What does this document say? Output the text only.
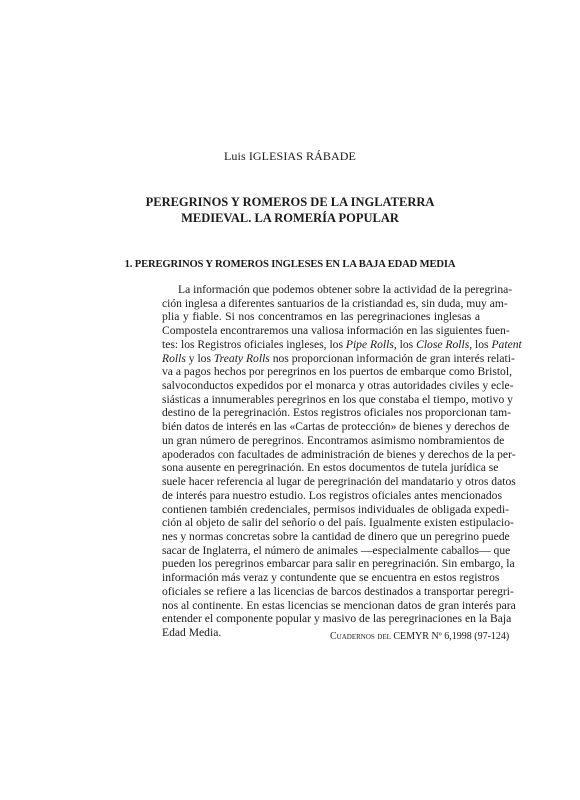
Luis IGLESIAS RÁBADE
PEREGRINOS Y ROMEROS DE LA INGLATERRA
MEDIEVAL. LA ROMERÍA POPULAR
1. PEREGRINOS Y ROMEROS INGLESES EN LA BAJA EDAD MEDIA
La información que podemos obtener sobre la actividad de la peregrina-
ción inglesa a diferentes santuarios de la cristiandad es, sin duda, muy am-
plia y fiable. Si nos concentramos en las peregrinaciones inglesas a
Compostela encontraremos una valiosa información en las siguientes fuen-
tes: los Registros oficiales ingleses, los Pipe Rolls, los Close Rolls, los Patent
Rolls y los Treaty Rolls nos proporcionan información de gran interés relati-
va a pagos hechos por peregrinos en los puertos de embarque como Bristol,
salvoconductos expedidos por el monarca y otras autoridades civiles y ecle-
siásticas a innumerables peregrinos en los que constaba el tiempo, motivo y
destino de la peregrinación. Estos registros oficiales nos proporcionan tam-
bién datos de interés en las «Cartas de protección» de bienes y derechos de
un gran número de peregrinos. Encontramos asimismo nombramientos de
apoderados con facultades de administración de bienes y derechos de la per-
sona ausente en peregrinación. En estos documentos de tutela jurídica se
suele hacer referencia al lugar de peregrinación del mandatario y otros datos
de interés para nuestro estudio. Los registros oficiales antes mencionados
contienen también credenciales, permisos individuales de obligada expedi-
ción al objeto de salir del señorío o del país. Igualmente existen estipulacio-
nes y normas concretas sobre la cantidad de dinero que un peregrino puede
sacar de Inglaterra, el número de animales —especialmente caballos— que
pueden los peregrinos embarcar para salir en peregrinación. Sin embargo, la
información más veraz y contundente que se encuentra en estos registros
oficiales se refiere a las licencias de barcos destinados a transportar peregri-
nos al continente. En estas licencias se mencionan datos de gran interés para
entender el componente popular y masivo de las peregrinaciones en la Baja
Edad Media.	Cuadernos del CEMYR Nº 6,1998 (97-124)
